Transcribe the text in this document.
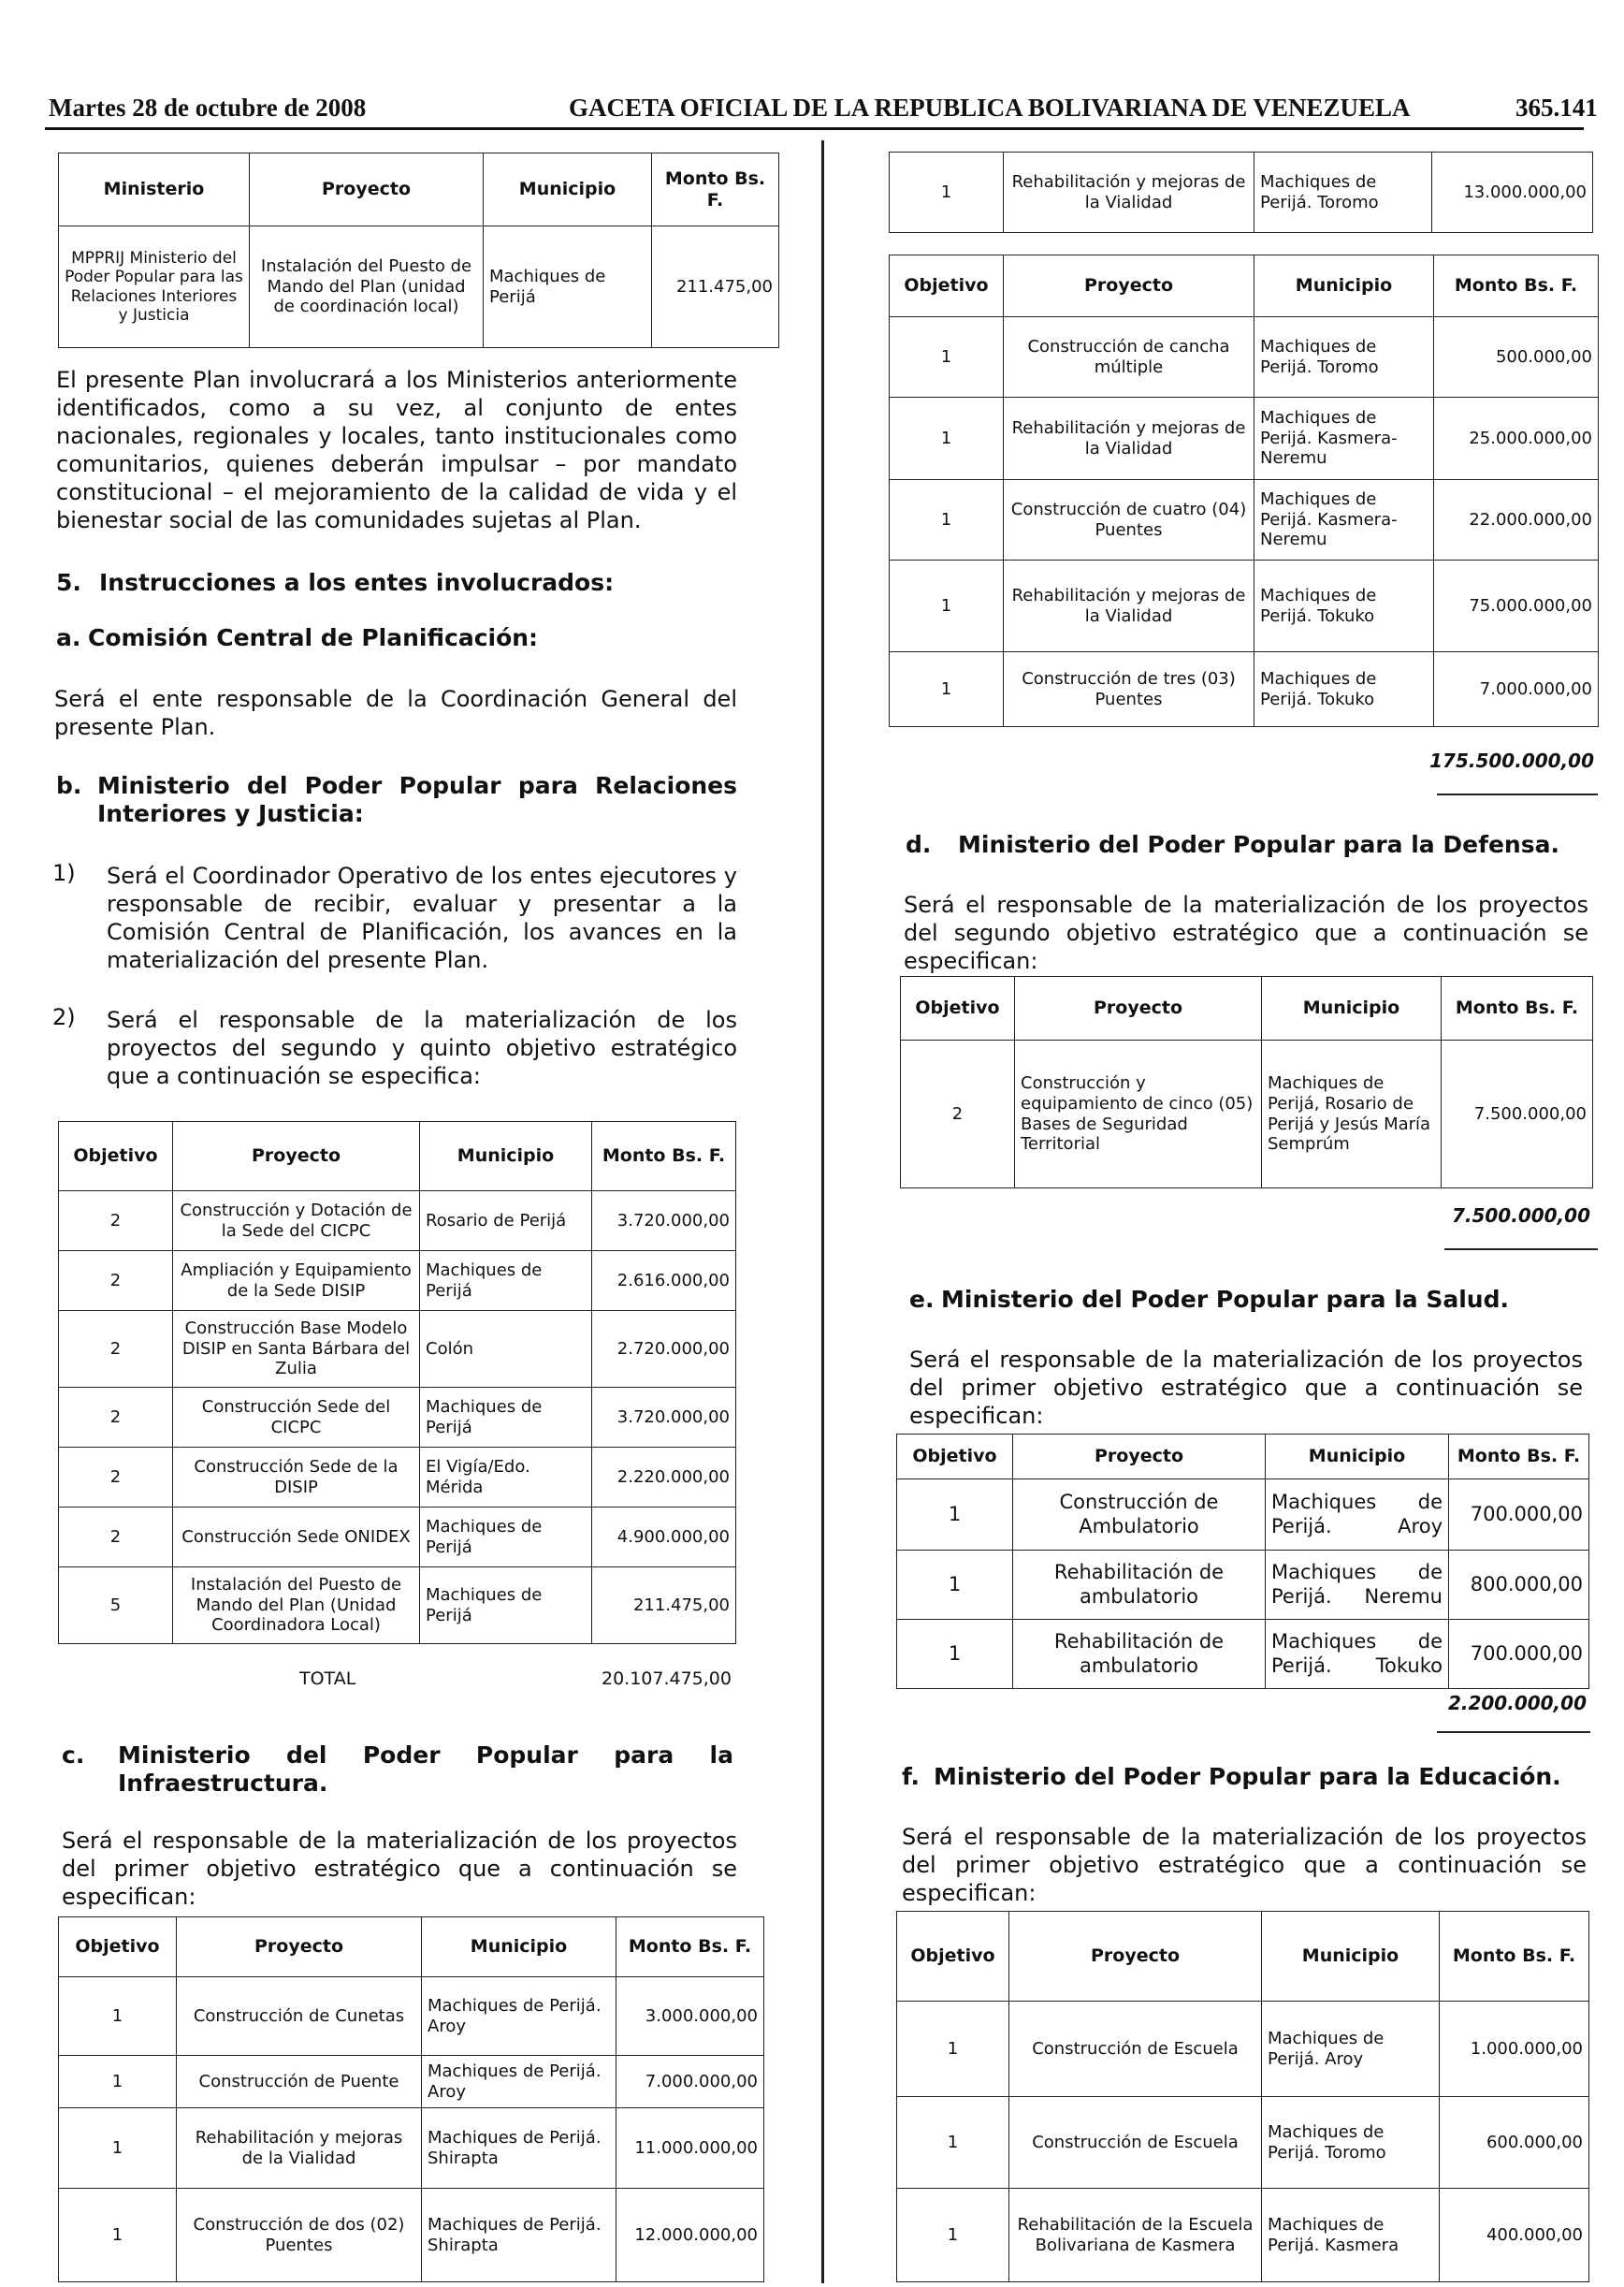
Martes 28 de octubre de 2008	GACETA OFICIAL DE LA REPUBLICA BOLIVARIANA DE VENEZUELA	365.141
Ministerio	Proyecto	Municipio	Monto Bs. F.
MPPRIJ Ministerio del Poder Popular para las Relaciones Interiores y Justicia	Instalación del Puesto de Mando del Plan (unidad de coordinación local)	Machiques de Perijá	211.475,00
El presente Plan involucrará a los Ministerios anteriormente identificados, como a su vez, al conjunto de entes nacionales, regionales y locales, tanto institucionales como comunitarios, quienes deberán impulsar – por mandato constitucional – el mejoramiento de la calidad de vida y el bienestar social de las comunidades sujetas al Plan.
5. Instrucciones a los entes involucrados:
a. Comisión Central de Planificación:
Será el ente responsable de la Coordinación General del presente Plan.
b. Ministerio del Poder Popular para Relaciones Interiores y Justicia:
1) Será el Coordinador Operativo de los entes ejecutores y responsable de recibir, evaluar y presentar a la Comisión Central de Planificación, los avances en la materialización del presente Plan.
2) Será el responsable de la materialización de los proyectos del segundo y quinto objetivo estratégico que a continuación se especifica:
Objetivo	Proyecto	Municipio	Monto Bs. F.
2	Construcción y Dotación de la Sede del CICPC	Rosario de Perijá	3.720.000,00
2	Ampliación y Equipamiento de la Sede DISIP	Machiques de Perijá	2.616.000,00
2	Construcción Base Modelo DISIP en Santa Bárbara del Zulia	Colón	2.720.000,00
2	Construcción Sede del CICPC	Machiques de Perijá	3.720.000,00
2	Construcción Sede de la DISIP	El Vigía/Edo. Mérida	2.220.000,00
2	Construcción Sede ONIDEX	Machiques de Perijá	4.900.000,00
5	Instalación del Puesto de Mando del Plan (Unidad Coordinadora Local)	Machiques de Perijá	211.475,00
TOTAL	20.107.475,00
c. Ministerio del Poder Popular para la Infraestructura.
Será el responsable de la materialización de los proyectos del primer objetivo estratégico que a continuación se especifican:
Objetivo	Proyecto	Municipio	Monto Bs. F.
1	Construcción de Cunetas	Machiques de Perijá. Aroy	3.000.000,00
1	Construcción de Puente	Machiques de Perijá. Aroy	7.000.000,00
1	Rehabilitación y mejoras de la Vialidad	Machiques de Perijá. Shirapta	11.000.000,00
1	Construcción de dos (02) Puentes	Machiques de Perijá. Shirapta	12.000.000,00
1	Rehabilitación y mejoras de la Vialidad	Machiques de Perijá. Toromo	13.000.000,00
Objetivo	Proyecto	Municipio	Monto Bs. F.
1	Construcción de cancha múltiple	Machiques de Perijá. Toromo	500.000,00
1	Rehabilitación y mejoras de la Vialidad	Machiques de Perijá. Kasmera-Neremu	25.000.000,00
1	Construcción de cuatro (04) Puentes	Machiques de Perijá. Kasmera-Neremu	22.000.000,00
1	Rehabilitación y mejoras de la Vialidad	Machiques de Perijá. Tokuko	75.000.000,00
1	Construcción de tres (03) Puentes	Machiques de Perijá. Tokuko	7.000.000,00
175.500.000,00
d. Ministerio del Poder Popular para la Defensa.
Será el responsable de la materialización de los proyectos del segundo objetivo estratégico que a continuación se especifican:
Objetivo	Proyecto	Municipio	Monto Bs. F.
2	Construcción y equipamiento de cinco (05) Bases de Seguridad Territorial	Machiques de Perijá, Rosario de Perijá y Jesús María Semprúm	7.500.000,00
7.500.000,00
e. Ministerio del Poder Popular para la Salud.
Será el responsable de la materialización de los proyectos del primer objetivo estratégico que a continuación se especifican:
Objetivo	Proyecto	Municipio	Monto Bs. F.
1	Construcción de Ambulatorio	Machiques de Perijá. Aroy	700.000,00
1	Rehabilitación de ambulatorio	Machiques de Perijá. Neremu	800.000,00
1	Rehabilitación de ambulatorio	Machiques de Perijá. Tokuko	700.000,00
2.200.000,00
f. Ministerio del Poder Popular para la Educación.
Será el responsable de la materialización de los proyectos del primer objetivo estratégico que a continuación se especifican:
Objetivo	Proyecto	Municipio	Monto Bs. F.
1	Construcción de Escuela	Machiques de Perijá. Aroy	1.000.000,00
1	Construcción de Escuela	Machiques de Perijá. Toromo	600.000,00
1	Rehabilitación de la Escuela Bolivariana de Kasmera	Machiques de Perijá. Kasmera	400.000,00
